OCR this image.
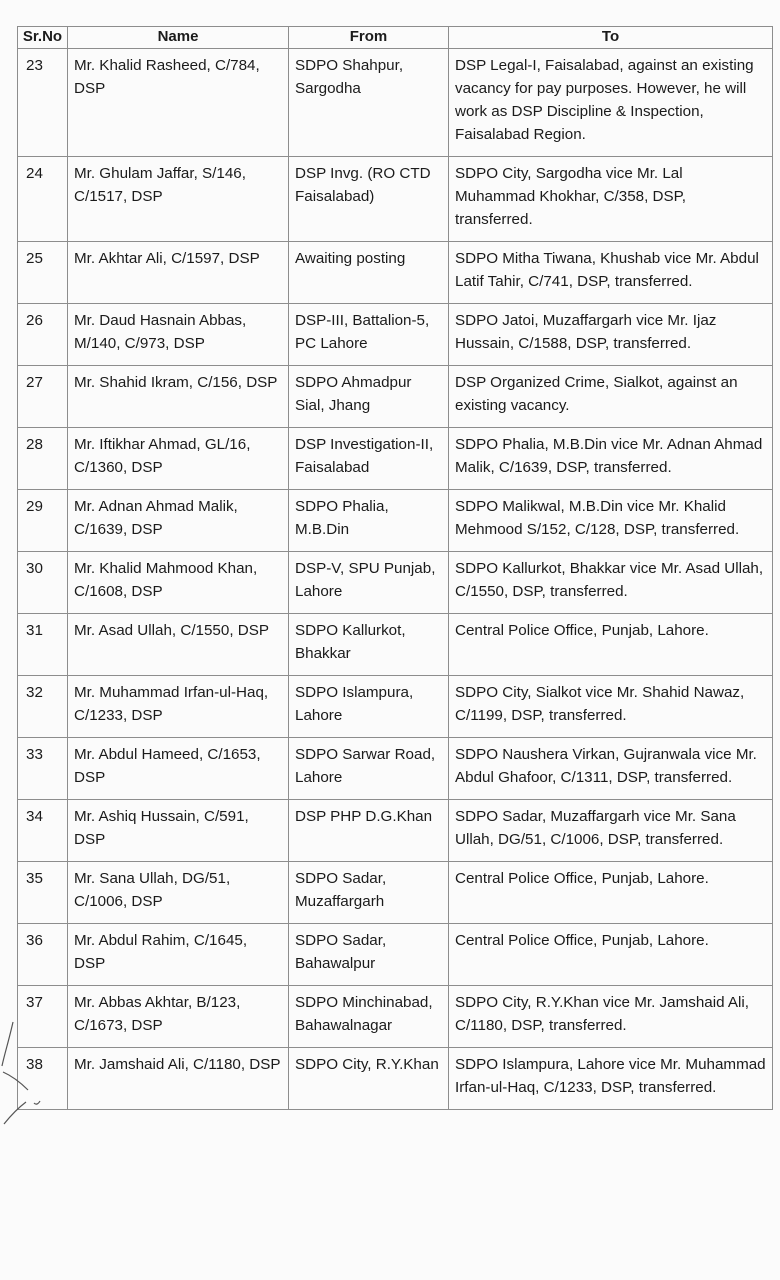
Sr.No	Name	From	To
23	Mr. Khalid Rasheed, C/784, DSP	SDPO Shahpur, Sargodha	DSP Legal-I, Faisalabad, against an existing vacancy for pay purposes. However, he will work as DSP Discipline & Inspection, Faisalabad Region.
24	Mr. Ghulam Jaffar, S/146, C/1517, DSP	DSP Invg. (RO CTD Faisalabad)	SDPO City, Sargodha vice Mr. Lal Muhammad Khokhar, C/358, DSP, transferred.
25	Mr. Akhtar Ali, C/1597, DSP	Awaiting posting	SDPO Mitha Tiwana, Khushab vice Mr. Abdul Latif Tahir, C/741, DSP, transferred.
26	Mr. Daud Hasnain Abbas, M/140, C/973, DSP	DSP-III, Battalion-5, PC Lahore	SDPO Jatoi, Muzaffargarh vice Mr. Ijaz Hussain, C/1588, DSP, transferred.
27	Mr. Shahid Ikram, C/156, DSP	SDPO Ahmadpur Sial, Jhang	DSP Organized Crime, Sialkot, against an existing vacancy.
28	Mr. Iftikhar Ahmad, GL/16, C/1360, DSP	DSP Investigation-II, Faisalabad	SDPO Phalia, M.B.Din vice Mr. Adnan Ahmad Malik, C/1639, DSP, transferred.
29	Mr. Adnan Ahmad Malik, C/1639, DSP	SDPO Phalia, M.B.Din	SDPO Malikwal, M.B.Din vice Mr. Khalid Mehmood S/152, C/128, DSP, transferred.
30	Mr. Khalid Mahmood Khan, C/1608, DSP	DSP-V, SPU Punjab, Lahore	SDPO Kallurkot, Bhakkar vice Mr. Asad Ullah, C/1550, DSP, transferred.
31	Mr. Asad Ullah, C/1550, DSP	SDPO Kallurkot, Bhakkar	Central Police Office, Punjab, Lahore.
32	Mr. Muhammad Irfan-ul-Haq, C/1233, DSP	SDPO Islampura, Lahore	SDPO City, Sialkot vice Mr. Shahid Nawaz, C/1199, DSP, transferred.
33	Mr. Abdul Hameed, C/1653, DSP	SDPO Sarwar Road, Lahore	SDPO Naushera Virkan, Gujranwala vice Mr. Abdul Ghafoor, C/1311, DSP, transferred.
34	Mr. Ashiq Hussain, C/591, DSP	DSP PHP D.G.Khan	SDPO Sadar, Muzaffargarh vice Mr. Sana Ullah, DG/51, C/1006, DSP, transferred.
35	Mr. Sana Ullah, DG/51, C/1006, DSP	SDPO Sadar, Muzaffargarh	Central Police Office, Punjab, Lahore.
36	Mr. Abdul Rahim, C/1645, DSP	SDPO Sadar, Bahawalpur	Central Police Office, Punjab, Lahore.
37	Mr. Abbas Akhtar, B/123, C/1673, DSP	SDPO Minchinabad, Bahawalnagar	SDPO City, R.Y.Khan vice Mr. Jamshaid Ali, C/1180, DSP, transferred.
38	Mr. Jamshaid Ali, C/1180, DSP	SDPO City, R.Y.Khan	SDPO Islampura, Lahore vice Mr. Muhammad Irfan-ul-Haq, C/1233, DSP, transferred.
